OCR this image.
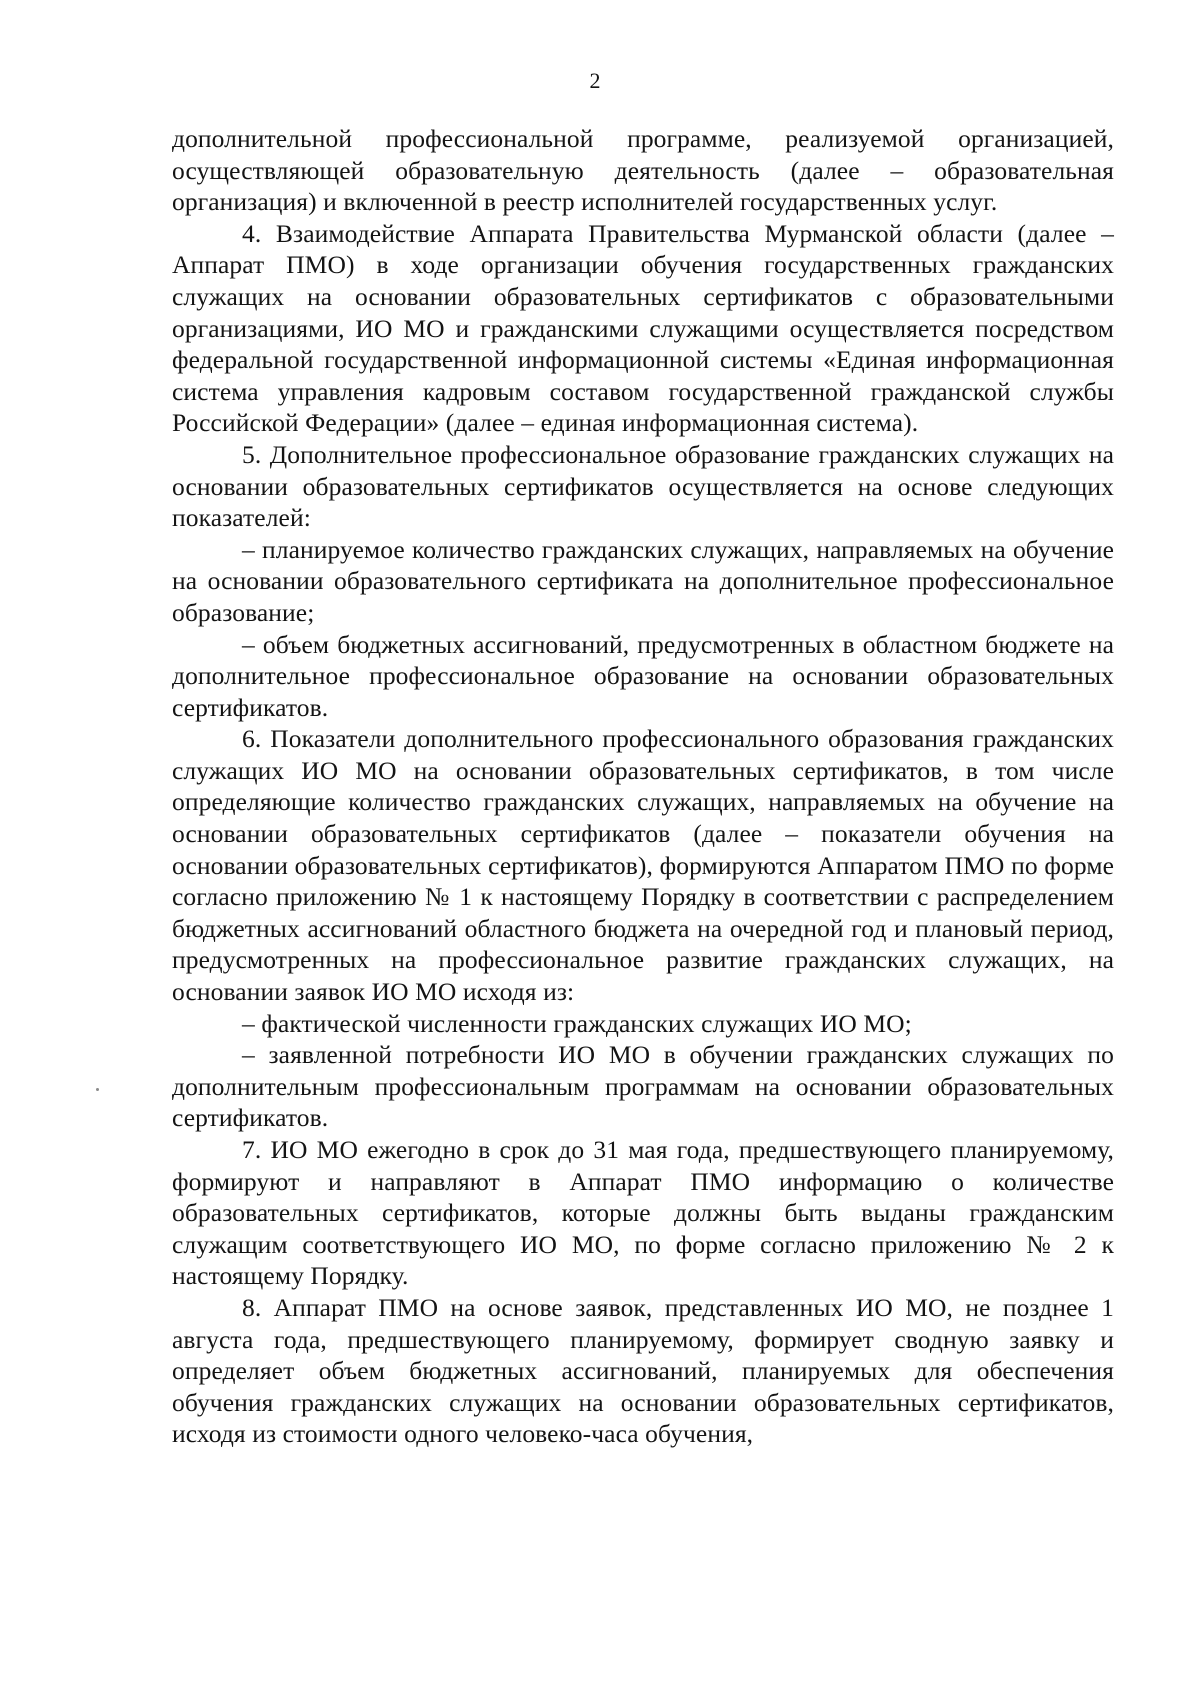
2

дополнительной профессиональной программе, реализуемой организацией, осуществляющей образовательную деятельность (далее – образовательная организация) и включенной в реестр исполнителей государственных услуг.

4. Взаимодействие Аппарата Правительства Мурманской области (далее – Аппарат ПМО) в ходе организации обучения государственных гражданских служащих на основании образовательных сертификатов с образовательными организациями, ИО МО и гражданскими служащими осуществляется посредством федеральной государственной информационной системы «Единая информационная система управления кадровым составом государственной гражданской службы Российской Федерации» (далее – единая информационная система).

5. Дополнительное профессиональное образование гражданских служащих на основании образовательных сертификатов осуществляется на основе следующих показателей:

– планируемое количество гражданских служащих, направляемых на обучение на основании образовательного сертификата на дополнительное профессиональное образование;

– объем бюджетных ассигнований, предусмотренных в областном бюджете на дополнительное профессиональное образование на основании образовательных сертификатов.

6. Показатели дополнительного профессионального образования гражданских служащих ИО МО на основании образовательных сертификатов, в том числе определяющие количество гражданских служащих, направляемых на обучение на основании образовательных сертификатов (далее – показатели обучения на основании образовательных сертификатов), формируются Аппаратом ПМО по форме согласно приложению № 1 к настоящему Порядку в соответствии с распределением бюджетных ассигнований областного бюджета на очередной год и плановый период, предусмотренных на профессиональное развитие гражданских служащих, на основании заявок ИО МО исходя из:

– фактической численности гражданских служащих ИО МО;

– заявленной потребности ИО МО в обучении гражданских служащих по дополнительным профессиональным программам на основании образовательных сертификатов.

7. ИО МО ежегодно в срок до 31 мая года, предшествующего планируемому, формируют и направляют в Аппарат ПМО информацию о количестве образовательных сертификатов, которые должны быть выданы гражданским служащим соответствующего ИО МО, по форме согласно приложению № 2 к настоящему Порядку.

8. Аппарат ПМО на основе заявок, представленных ИО МО, не позднее 1 августа года, предшествующего планируемому, формирует сводную заявку и определяет объем бюджетных ассигнований, планируемых для обеспечения обучения гражданских служащих на основании образовательных сертификатов, исходя из стоимости одного человеко-часа обучения,
